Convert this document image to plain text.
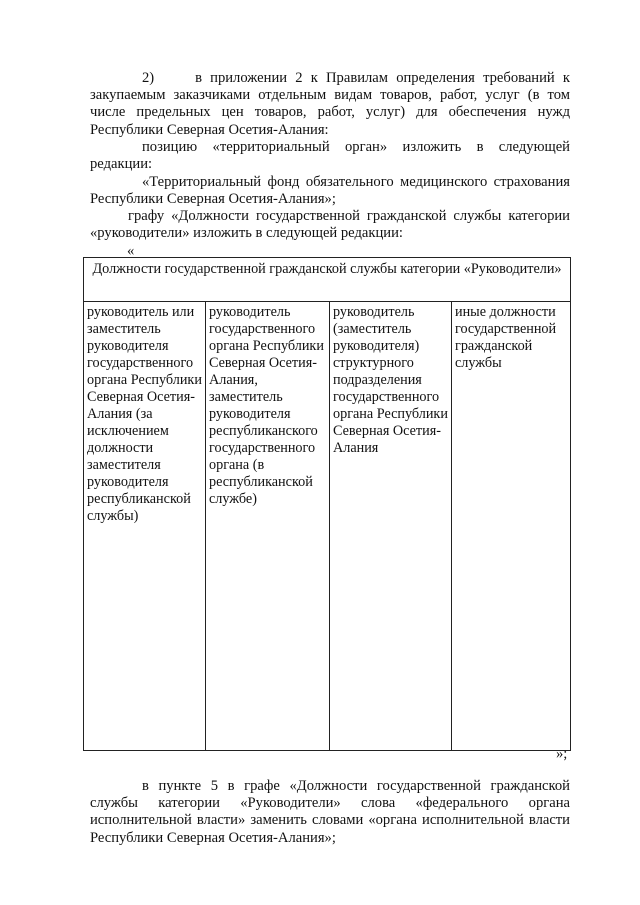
2)     в приложении 2 к Правилам определения требований к закупаемым заказчиками отдельным видам товаров, работ, услуг (в том числе предельных цен товаров, работ, услуг) для обеспечения нужд Республики Северная Осетия-Алания:
позицию «территориальный орган» изложить в следующей редакции:
«Территориальный фонд обязательного медицинского страхования Республики Северная Осетия-Алания»;
графу «Должности государственной гражданской службы категории «руководители» изложить в следующей редакции:
«
Должности государственной гражданской службы категории «Руководители»
руководитель или заместитель руководителя государственного органа Республики Северная Осетия-Алания (за исключением должности заместителя руководителя республиканской службы)	руководитель государственного органа Республики Северная Осетия-Алания, заместитель руководителя республиканского государственного органа (в республиканской службе)	руководитель (заместитель руководителя) структурного подразделения государственного органа Республики Северная Осетия-Алания	иные должности государственной гражданской службы
»;
в пункте 5 в графе «Должности государственной гражданской службы категории «Руководители» слова «федерального органа исполнительной власти» заменить словами «органа исполнительной власти Республики Северная Осетия-Алания»;
